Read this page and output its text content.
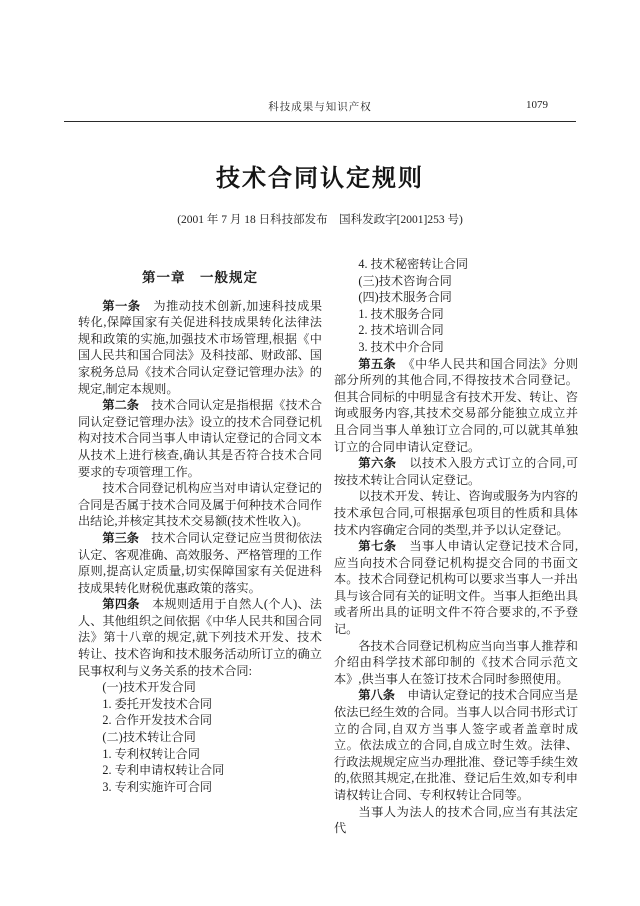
科技成果与知识产权	1079
技术合同认定规则
(2001 年 7 月 18 日科技部发布　国科发政字[2001]253 号)
第一章　一般规定
第一条　为推动技术创新,加速科技成果转化,保障国家有关促进科技成果转化法律法规和政策的实施,加强技术市场管理,根据《中国人民共和国合同法》及科技部、财政部、国家税务总局《技术合同认定登记管理办法》的规定,制定本规则。
第二条　技术合同认定是指根据《技术合同认定登记管理办法》设立的技术合同登记机构对技术合同当事人申请认定登记的合同文本从技术上进行核查,确认其是否符合技术合同要求的专项管理工作。
技术合同登记机构应当对申请认定登记的合同是否属于技术合同及属于何种技术合同作出结论,并核定其技术交易额(技术性收入)。
第三条　技术合同认定登记应当贯彻依法认定、客观准确、高效服务、严格管理的工作原则,提高认定质量,切实保障国家有关促进科技成果转化财税优惠政策的落实。
第四条　本规则适用于自然人(个人)、法人、其他组织之间依据《中华人民共和国合同法》第十八章的规定,就下列技术开发、技术转让、技术咨询和技术服务活动所订立的确立民事权利与义务关系的技术合同:
(一)技术开发合同
1. 委托开发技术合同
2. 合作开发技术合同
(二)技术转让合同
1. 专利权转让合同
2. 专利申请权转让合同
3. 专利实施许可合同
4. 技术秘密转让合同
(三)技术咨询合同
(四)技术服务合同
1. 技术服务合同
2. 技术培训合同
3. 技术中介合同
第五条　《中华人民共和国合同法》分则部分所列的其他合同,不得按技术合同登记。但其合同标的中明显含有技术开发、转让、咨询或服务内容,其技术交易部分能独立成立并且合同当事人单独订立合同的,可以就其单独订立的合同申请认定登记。
第六条　以技术入股方式订立的合同,可按技术转让合同认定登记。
以技术开发、转让、咨询或服务为内容的技术承包合同,可根据承包项目的性质和具体技术内容确定合同的类型,并予以认定登记。
第七条　当事人申请认定登记技术合同,应当向技术合同登记机构提交合同的书面文本。技术合同登记机构可以要求当事人一并出具与该合同有关的证明文件。当事人拒绝出具或者所出具的证明文件不符合要求的,不予登记。
各技术合同登记机构应当向当事人推荐和介绍由科学技术部印制的《技术合同示范文本》,供当事人在签订技术合同时参照使用。
第八条　申请认定登记的技术合同应当是依法已经生效的合同。当事人以合同书形式订立的合同,自双方当事人签字或者盖章时成立。依法成立的合同,自成立时生效。法律、行政法规规定应当办理批准、登记等手续生效的,依照其规定,在批准、登记后生效,如专利申请权转让合同、专利权转让合同等。
当事人为法人的技术合同,应当有其法定代
